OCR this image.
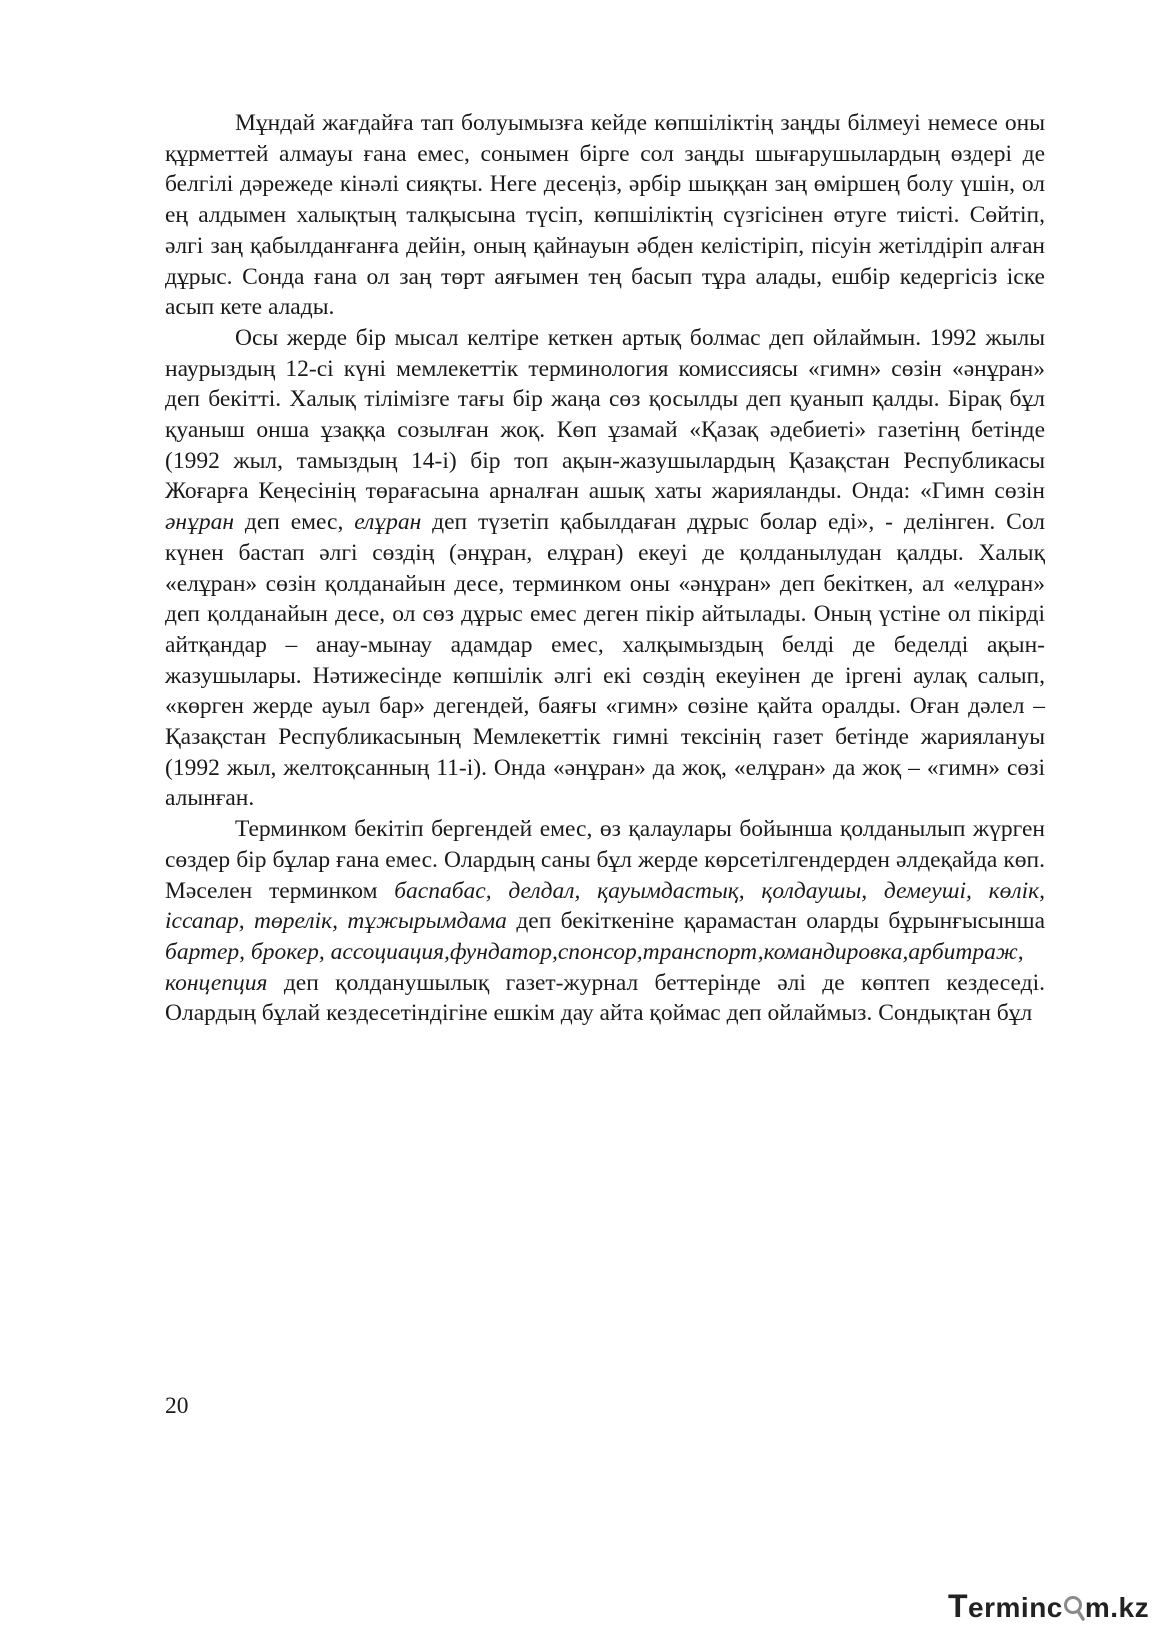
Мұндай жағдайға тап болуымызға кейде көпшіліктің заңды білмеуі немесе оны құрметтей алмауы ғана емес, сонымен бірге сол заңды шығарушылардың өздері де белгілі дәрежеде кінәлі сияқты. Неге десеңіз, әрбір шыққан заң өміршең болу үшін, ол ең алдымен халықтың талқысына түсіп, көпшіліктің сүзгісінен өтуге тиісті. Сөйтіп, әлгі заң қабылданғанға дейін, оның қайнауын әбден келістіріп, пісуін жетілдіріп алған дұрыс. Сонда ғана ол заң төрт аяғымен тең басып тұра алады, ешбір кедергісіз іске асып кете алады.

Осы жерде бір мысал келтіре кеткен артық болмас деп ойлаймын. 1992 жылы наурыздың 12-сі күні мемлекеттік терминология комиссиясы «гимн» сөзін «әнұран» деп бекітті. Халық тілімізге тағы бір жаңа сөз қосылды деп қуанып қалды. Бірақ бұл қуаныш онша ұзаққа созылған жоқ. Көп ұзамай «Қазақ әдебиеті» газетінң бетінде (1992 жыл, тамыздың 14-і) бір топ ақын-жазушылардың Қазақстан Республикасы Жоғарға Кеңесінің төрағасына арналған ашық хаты жарияланды. Онда: «Гимн сөзін әнұран деп емес, елұран деп түзетіп қабылдаған дұрыс болар еді», - делінген. Сол күнен бастап әлгі сөздің (әнұран, елұран) екеуі де қолданылудан қалды. Халық «елұран» сөзін қолданайын десе, терминком оны «әнұран» деп бекіткен, ал «елұран» деп қолданайын десе, ол сөз дұрыс емес деген пікір айтылады. Оның үстіне ол пікірді айтқандар – анау-мынау адамдар емес, халқымыздың белді де беделді ақын-жазушылары. Нәтижесінде көпшілік әлгі екі сөздің екеуінен де іргені аулақ салып, «көрген жерде ауыл бар» дегендей, баяғы «гимн» сөзіне қайта оралды. Оған дәлел – Қазақстан Республикасының Мемлекеттік гимні тексінің газет бетінде жариялануы (1992 жыл, желтоқсанның 11-і). Онда «әнұран» да жоқ, «елұран» да жоқ – «гимн» сөзі алынған.

Терминком бекітіп бергендей емес, өз қалаулары бойынша қолданылып жүрген сөздер бір бұлар ғана емес. Олардың саны бұл жерде көрсетілгендерден әлдеқайда көп. Мәселен терминком баспабас, делдал, қауымдастық, қолдаушы, демеуші, көлік, іссапар, төрелік, тұжырымдама деп бекіткеніне қарамастан оларды бұрынғысынша бартер, брокер, ассоциация,фундатор,спонсор,транспорт,командировка,арбитраж,

концепция деп қолданушылық газет-журнал беттерінде әлі де көптеп кездеседі. Олардың бұлай кездесетіндігіне ешкім дау айта қоймас деп ойлаймыз. Сондықтан бұл

20
Terminc m.kz
